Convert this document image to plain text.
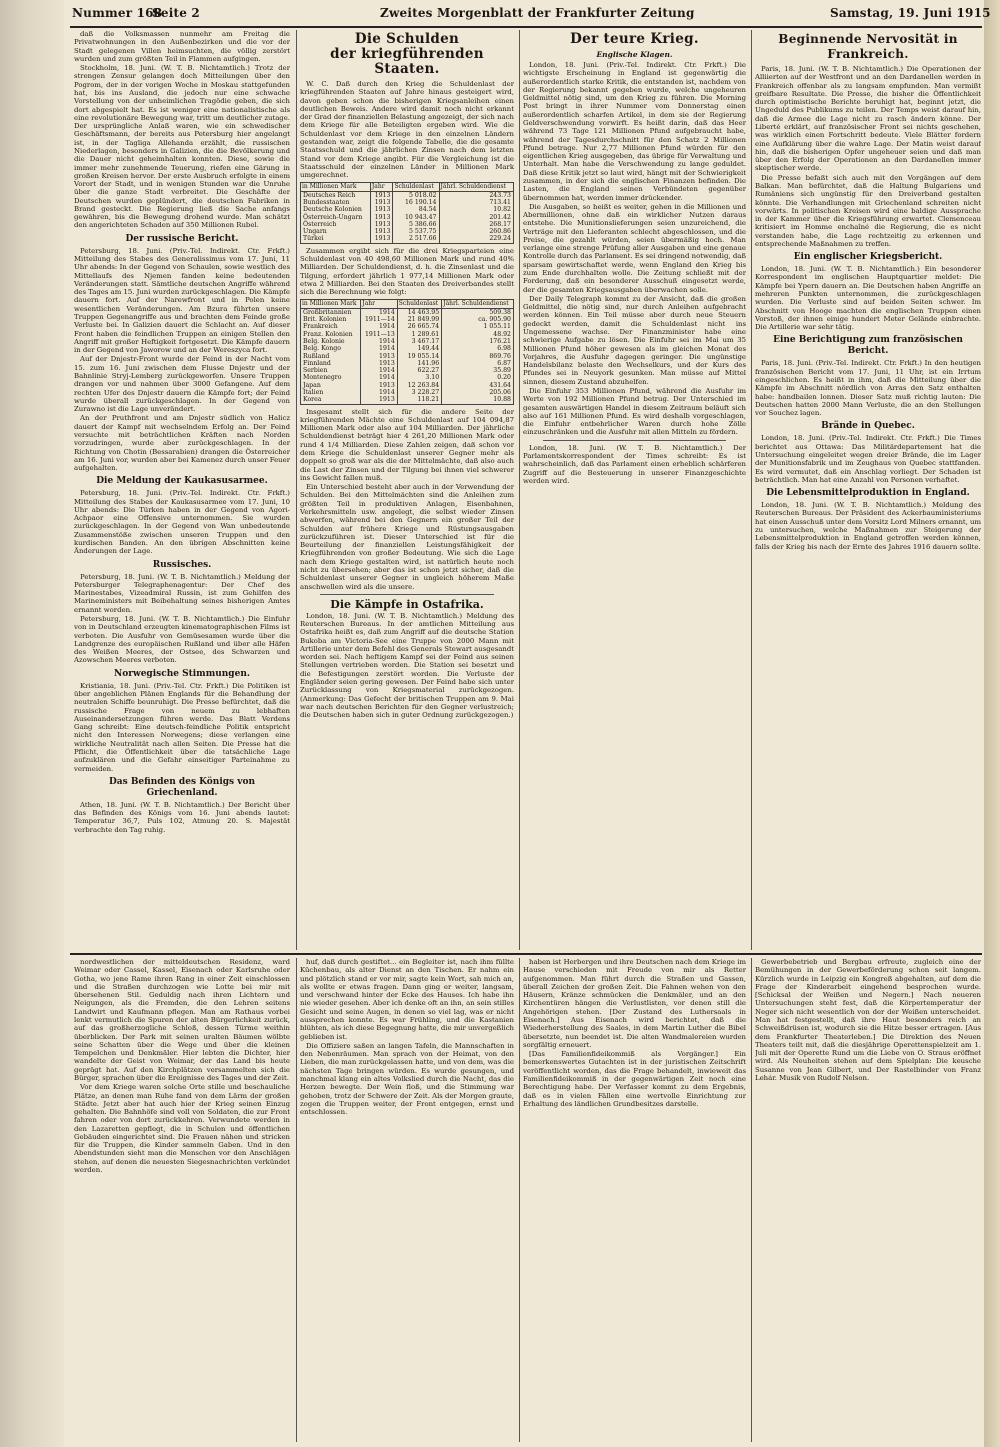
Nummer 168
Seite 2	Zweites Morgenblatt der Frankfurter Zeitung	Samstag, 19. Juni 1915

daß die Volksmassen nunmehr am Freitag die Privatwohnungen in den Außenbezirken und die vor der Stadt gelegenen Villen heimsuchten, die völlig zerstört wurden und zum größten Teil in Flammen aufgingen.

Stockholm, 18. Juni. (W. T. B. Nichtamtlich.) Trotz der strengen Zensur gelangen doch Mitteilungen über den Pogrom, der in der vorigen Woche in Moskau stattgefunden hat, bis ins Ausland, die jedoch nur eine schwache Vorstellung von der unheimlichen Tragödie geben, die sich dort abgespielt hat. Es ist weniger eine nationalistische als eine revolutionäre Bewegung war, tritt um deutlicher zutage. Der ursprüngliche Anlaß waren, wie ein schwedischer Geschäftsmann, der bereits aus Petersburg hier angelangt ist, in der Tagliga Allehanda erzählt, die russischen Niederlagen, besonders in Galizien, die die Bevölkerung und die Dauer nicht geheimhalten konnten. Diese, sowie die immer mehr zunehmende Teuerung, riefen eine Gärung in großen Kreisen hervor. Der erste Ausbruch erfolgte in einem Vorort der Stadt, und in wenigen Stunden war die Unruhe über die ganze Stadt verbreitet. Die Geschäfte der Deutschen wurden geplündert, die deutschen Fabriken in Brand gesteckt. Die Regierung ließ die Sache anfangs gewähren, bis die Bewegung drohend wurde. Man schätzt den angerichteten Schaden auf 350 Millionen Rubel.

Der russische Bericht.

Petersburg, 18. Juni. (Priv.-Tel. Indirekt. Ctr. Frkft.) Mitteilung des Stabes des Generalissimus vom 17. Juni, 11 Uhr abends: In der Gegend von Schaulen, sowie westlich des Mittellaufs des Njemen fanden keine bedeutenden Veränderungen statt. Sämtliche deutschen Angriffe während des Tages am 15. Juni wurden zurückgeschlagen. Die Kämpfe dauern fort. Auf der Narewfront und in Polen keine wesentlichen Veränderungen. Am Bzura führten unsere Truppen Gegenangriffe aus und brachten dem Feinde große Verluste bei. In Galizien dauert die Schlacht an. Auf dieser Front haben die feindlichen Truppen an einigen Stellen den Angriff mit großer Heftigkeit fortgesetzt. Die Kämpfe dauern in der Gegend von Jaworow und an der Wereszyca fort.

Auf der Dnjestr-Front wurde der Feind in der Nacht vom 15. zum 16. Juni zwischen dem Flusse Dnjestr und der Bahnlinie Stryj-Lemberg zurückgeworfen. Unsere Truppen drangen vor und nahmen über 3000 Gefangene. Auf dem rechten Ufer des Dnjestr dauern die Kämpfe fort; der Feind wurde überall zurückgeschlagen. In der Gegend von Zurawno ist die Lage unverändert.

An der Pruthfront und am Dnjestr südlich von Halicz dauert der Kampf mit wechselndem Erfolg an. Der Feind versuchte mit beträchtlichen Kräften nach Norden vorzudringen, wurde aber zurückgeschlagen. In der Richtung von Chotin (Bessarabien) drangen die Österreicher am 16. Juni vor, wurden aber bei Kamenez durch unser Feuer aufgehalten.

Die Meldung der Kaukasusarmee.

Petersburg, 18. Juni. (Priv.-Tel. Indirekt. Ctr. Frkft.) Mitteilung des Stabes der Kaukasusarmee vom 17. Juni, 10 Uhr abends: Die Türken haben in der Gegend von Agori-Achpaor eine Offensive unternommen. Sie wurden zurückgeschlagen. In der Gegend von Wan unbedeutende Zusammenstöße zwischen unseren Truppen und den kurdischen Banden. An den übrigen Abschnitten keine Änderungen der Lage.

Russisches.

Petersburg, 18. Juni. (W. T. B. Nichtamtlich.) Meldung der Petersburger Telegraphenagentur: Der Chef des Marinestabes, Vizeadmiral Russin, ist zum Gehilfen des Marineministers mit Beibehaltung seines bisherigen Amtes ernannt worden.

Petersburg, 18. Juni. (W. T. B. Nichtamtlich.) Die Einfuhr von in Deutschland erzeugten kinematographischen Films ist verboten. Die Ausfuhr von Gemüsesamen wurde über die Landgrenze des europäischen Rußland und über alle Häfen des Weißen Meeres, der Ostsee, des Schwarzen und Azowschen Meeres verboten.

Norwegische Stimmungen.

Kristiania, 18. Juni. (Priv.-Tel. Ctr. Frkft.) Die Politiken ist über angeblichen Plänen Englands für die Behandlung der neutralen Schiffe beunruhigt. Die Presse befürchtet, daß die russische Frage von neuem zu lebhaften Auseinandersetzungen führen werde. Das Blatt Verdens Gang schreibt: Eine deutsch-feindliche Politik entspricht nicht den Interessen Norwegens; diese verlangen eine wirkliche Neutralität nach allen Seiten. Die Presse hat die Pflicht, die Öffentlichkeit über die tatsächliche Lage aufzuklären und die Gefahr einseitiger Parteinahme zu vermeiden.

Das Befinden des Königs von Griechenland.

Athen, 18. Juni. (W. T. B. Nichtamtlich.) Der Bericht über das Befinden des Königs vom 16. Juni abends lautet: Temperatur 36,7, Puls 102, Atmung 20. S. Majestät verbrachte den Tag ruhig.

Die Schulden
der kriegführenden Staaten.

W. C. Daß durch den Krieg die Schuldenlast der kriegführenden Staaten auf Jahre hinaus gesteigert wird, davon geben schon die bisherigen Kriegsanleihen einen deutlichen Beweis. Andere wird damit noch nicht erkannt der Grad der finanziellen Belastung angezeigt, der sich nach dem Kriege für alle Beteiligten ergeben wird. Wie die Schuldenlast vor dem Kriege in den einzelnen Ländern gestanden war, zeigt die folgende Tabelle, die die gesamte Staatsschuld und die jährlichen Zinsen nach dem letzten Stand vor dem Kriege angibt. Für die Vergleichung ist die Staatsschuld der einzelnen Länder in Millionen Mark umgerechnet.

in Millionen Mark	Jahr	Schuldenlast	Jährl. Schuldendienst
Deutsches Reich	1913	5 018.02	243.73
Bundesstaaten	1913	16 190.14	713.41
Deutsche Kolonien	1913	84.54	10.82
Österreich-Ungarn	1913	10 943.47	201.42
Österreich	1913	5 386.66	268.17
Ungarn	1913	5 537.75	260.86
Türkei	1913	2 517.66	229.24

Zusammen ergibt sich für die drei Kriegsparteien eine Schuldenlast von 40 498,60 Millionen Mark und rund 40% Milliarden. Der Schuldendienst, d. h. die Zinsenlast und die Tilgung, erfordert jährlich 1 977,14 Millionen Mark oder etwa 2 Milliarden. Bei den Staaten des Dreiverbandes stellt sich die Berechnung wie folgt:

in Millionen Mark	Jahr	Schuldenlast	Jährl. Schuldendienst
Großbritannien	1914	14 463.95	509.38
Brit. Kolonien	1911—14	21 849.99	ca. 905.90
Frankreich	1914	26 665.74	1 055.11
Franz. Kolonien	1911—13	1 289.61	48.92
Belg. Kolonie	1914	3 467.17	176.21
Belg. Kongo	1914	149.44	6.98
Rußland	1913	19 055.14	869.76
Finnland	1913	141.96	6.87
Serbien	1914	622.27	35.89
Montenegro	1914	3.10	0.20
Japan	1913	12 263.84	431.64
Italien	1914	3 228.27	205.06
Korea	1913	118.21	10.88

Insgesamt stellt sich für die andere Seite der kriegführenden Mächte eine Schuldenlast auf 104 094,87 Millionen Mark oder also auf 104 Milliarden. Der jährliche Schuldendienst beträgt hier 4 261,20 Millionen Mark oder rund 4 1/4 Milliarden. Diese Zahlen zeigen, daß schon vor dem Kriege die Schuldenlast unserer Gegner mehr als doppelt so groß war als die der Mittelmächte, daß also auch die Last der Zinsen und der Tilgung bei ihnen viel schwerer ins Gewicht fallen muß.

Ein Unterschied besteht aber auch in der Verwendung der Schulden. Bei den Mittelmächten sind die Anleihen zum größten Teil in produktiven Anlagen, Eisenbahnen, Verkehrsmitteln usw. angelegt, die selbst wieder Zinsen abwerfen, während bei den Gegnern ein großer Teil der Schulden auf frühere Kriege und Rüstungsausgaben zurückzuführen ist. Dieser Unterschied ist für die Beurteilung der finanziellen Leistungsfähigkeit der Kriegführenden von großer Bedeutung. Wie sich die Lage nach dem Kriege gestalten wird, ist natürlich heute noch nicht zu übersehen; aber das ist schon jetzt sicher, daß die Schuldenlast unserer Gegner in ungleich höherem Maße anschwellen wird als die unsere.

Die Kämpfe in Ostafrika.

London, 18. Juni. (W. T. B. Nichtamtlich.) Meldung des Reuterschen Bureaus. In der amtlichen Mitteilung aus Ostafrika heißt es, daß zum Angriff auf die deutsche Station Bukoba am Victoria-See eine Truppe von 2000 Mann mit Artillerie unter dem Befehl des Generals Stewart ausgesandt worden sei. Nach heftigem Kampf sei der Feind aus seinen Stellungen vertrieben worden. Die Station sei besetzt und die Befestigungen zerstört worden. Die Verluste der Engländer seien gering gewesen. Der Feind habe sich unter Zurücklassung von Kriegsmaterial zurückgezogen. (Anmerkung: Das Gefecht der britischen Truppen am 9. Mai war nach deutschen Berichten für den Gegner verlustreich; die Deutschen haben sich in guter Ordnung zurückgezogen.)

Der teure Krieg.
Englische Klagen.

London, 18. Juni. (Priv.-Tel. Indirekt. Ctr. Frkft.) Die wichtigste Erscheinung in England ist gegenwärtig die außerordentlich starke Kritik, die entstanden ist, nachdem von der Regierung bekannt gegeben wurde, welche ungeheuren Geldmittel nötig sind, um den Krieg zu führen. Die Morning Post bringt in ihrer Nummer vom Donnerstag einen außerordentlich scharfen Artikel, in dem sie der Regierung Geldverschwendung vorwirft. Es heißt darin, daß das Heer während 73 Tage 121 Millionen Pfund aufgebraucht habe, während der Tagesdurchschnitt für den Schatz 2 Millionen Pfund betrage. Nur 2,77 Millionen Pfund würden für den eigentlichen Krieg ausgegeben, das übrige für Verwaltung und Unterhalt. Man habe die Verschwendung zu lange geduldet. Daß diese Kritik jetzt so laut wird, hängt mit der Schwierigkeit zusammen, in der sich die englischen Finanzen befinden. Die Lasten, die England seinen Verbündeten gegenüber übernommen hat, werden immer drückender.

Die Ausgaben, so heißt es weiter, gehen in die Millionen und Abermillionen, ohne daß ein wirklicher Nutzen daraus entstehe. Die Munitionslieferungen seien unzureichend, die Verträge mit den Lieferanten schlecht abgeschlossen, und die Preise, die gezahlt würden, seien übermäßig hoch. Man verlange eine strenge Prüfung aller Ausgaben und eine genaue Kontrolle durch das Parlament. Es sei dringend notwendig, daß sparsam gewirtschaftet werde, wenn England den Krieg bis zum Ende durchhalten wolle. Die Zeitung schließt mit der Forderung, daß ein besonderer Ausschuß eingesetzt werde, der die gesamten Kriegsausgaben überwachen solle.

Der Daily Telegraph kommt zu der Ansicht, daß die großen Geldmittel, die nötig sind, nur durch Anleihen aufgebracht werden können. Ein Teil müsse aber durch neue Steuern gedeckt werden, damit die Schuldenlast nicht ins Ungemessene wachse. Der Finanzminister habe eine schwierige Aufgabe zu lösen. Die Einfuhr sei im Mai um 35 Millionen Pfund höher gewesen als im gleichen Monat des Vorjahres, die Ausfuhr dagegen geringer. Die ungünstige Handelsbilanz belaste den Wechselkurs, und der Kurs des Pfundes sei in Neuyork gesunken. Man müsse auf Mittel sinnen, diesem Zustand abzuhelfen.

Die Einfuhr 353 Millionen Pfund, während die Ausfuhr im Werte von 192 Millionen Pfund betrug. Der Unterschied im gesamten auswärtigen Handel in diesem Zeitraum beläuft sich also auf 161 Millionen Pfund. Es wird deshalb vorgeschlagen, die Einfuhr entbehrlicher Waren durch hohe Zölle einzuschränken und die Ausfuhr mit allen Mitteln zu fördern.

London, 18. Juni. (W. T. B. Nichtamtlich.) Der Parlamentskorrespondent der Times schreibt: Es ist wahrscheinlich, daß das Parlament einen erheblich schärferen Zugriff auf die Besteuerung in unserer Finanzgeschichte werden wird.

Beginnende Nervosität in Frankreich.

Paris, 18. Juni. (W. T. B. Nichtamtlich.) Die Operationen der Alliierten auf der Westfront und an den Dardanellen werden in Frankreich offenbar als zu langsam empfunden. Man vermißt greifbare Resultate. Die Presse, die bisher die Öffentlichkeit durch optimistische Berichte beruhigt hat, beginnt jetzt, die Ungeduld des Publikums zu teilen. Der Temps weist darauf hin, daß die Armee die Lage nicht zu rasch ändern könne. Der Liberté erklärt, auf französischer Front sei nichts geschehen, was wirklich einen Fortschritt bedeute. Viele Blätter fordern eine Aufklärung über die wahre Lage. Der Matin weist darauf hin, daß die bisherigen Opfer ungeheuer seien und daß man über den Erfolg der Operationen an den Dardanellen immer skeptischer werde.

Die Presse befaßt sich auch mit den Vorgängen auf dem Balkan. Man befürchtet, daß die Haltung Bulgariens und Rumäniens sich ungünstig für den Dreiverband gestalten könnte. Die Verhandlungen mit Griechenland schreiten nicht vorwärts. In politischen Kreisen wird eine baldige Aussprache in der Kammer über die Kriegsführung erwartet. Clemenceau kritisiert im Homme enchaîné die Regierung, die es nicht verstanden habe, die Lage rechtzeitig zu erkennen und entsprechende Maßnahmen zu treffen.

Ein englischer Kriegsbericht.

London, 18. Juni. (W. T. B. Nichtamtlich.) Ein besonderer Korrespondent im englischen Hauptquartier meldet: Die Kämpfe bei Ypern dauern an. Die Deutschen haben Angriffe an mehreren Punkten unternommen, die zurückgeschlagen wurden. Die Verluste sind auf beiden Seiten schwer. Im Abschnitt von Hooge machten die englischen Truppen einen Vorstoß, der ihnen einige hundert Meter Gelände einbrachte. Die Artillerie war sehr tätig.

Eine Berichtigung zum französischen Bericht.

Paris, 18. Juni. (Priv.-Tel. Indirekt. Ctr. Frkft.) In den heutigen französischen Bericht vom 17. Juni, 11 Uhr, ist ein Irrtum eingeschlichen. Es heißt in ihm, daß die Mitteilung über die Kämpfe im Abschnitt nördlich von Arras den Satz enthalten habe: handbailen lonnen. Dieser Satz muß richtig lauten: Die Deutschen hatten 2000 Mann Verluste, die an den Stellungen vor Souchez lagen.

Brände in Quebec.

London, 18. Juni. (Priv.-Tel. Indirekt. Ctr. Frkft.) Die Times berichtet aus Ottawa: Das Militärdepartement hat die Untersuchung eingeleitet wegen dreier Brände, die im Lager der Munitionsfabrik und im Zeughaus von Quebec stattfanden. Es wird vermutet, daß ein Anschlag vorliegt. Der Schaden ist beträchtlich. Man hat eine Anzahl von Personen verhaftet.

Die Lebensmittelproduktion in England.

London, 18. Juni. (W. T. B. Nichtamtlich.) Meldung des Reuterschen Bureaus. Der Präsident des Ackerbauministeriums hat einen Ausschuß unter dem Vorsitz Lord Milners ernannt, um zu untersuchen, welche Maßnahmen zur Steigerung der Lebensmittelproduktion in England getroffen werden können, falls der Krieg bis nach der Ernte des Jahres 1916 dauern sollte.

nordwestlichen der mitteldeutschen Residenz, ward Weimar oder Cassel, Kassel, Eisenach oder Karlsruhe oder Gotha, wo jene Rame ihren Rang in einer Zeit einschlossen und die Straßen durchzogen wie Lotte bei mir mit übersehenen Stil. Geduldig nach ihren Lichtern und Neigungen, als die Fremden, die den Lehren seitens Landwirt und Kaufmann pflegen. Man am Rathaus vorbei lenkt vermutlich die Spuren der alten Bürgerlichkeit zurück, auf das großherzogliche Schloß, dessen Türme weithin überblicken. Der Park mit seinen uralten Bäumen wölbte seine Schatten über die Wege und über die kleinen Tempelchen und Denkmäler. Hier lebten die Dichter, hier wandelte der Geist von Weimar, der das Land bis heute geprägt hat. Auf den Kirchplätzen versammelten sich die Bürger, sprachen über die Ereignisse des Tages und der Zeit.

Vor dem Kriege waren solche Orte stille und beschauliche Plätze, an denen man Ruhe fand von dem Lärm der großen Städte. Jetzt aber hat auch hier der Krieg seinen Einzug gehalten. Die Bahnhöfe sind voll von Soldaten, die zur Front fahren oder von dort zurückkehren. Verwundete werden in den Lazaretten gepflegt, die in Schulen und öffentlichen Gebäuden eingerichtet sind. Die Frauen nähen und stricken für die Truppen, die Kinder sammeln Gaben. Und in den Abendstunden sieht man die Menschen vor den Anschlägen stehen, auf denen die neuesten Siegesnachrichten verkündet werden.

huf, daß durch gestiftet... ein Begleiter ist, nach ihm füllte Küchenbau, als alter Dienst an den Tischen. Er nahm ein und plötzlich stand er vor mir, sagte kein Wort, sah mich an, als wollte er etwas fragen. Dann ging er weiter, langsam, und verschwand hinter der Ecke des Hauses. Ich habe ihn nie wieder gesehen. Aber ich denke oft an ihn, an sein stilles Gesicht und seine Augen, in denen so viel lag, was er nicht aussprechen konnte. Es war Frühling, und die Kastanien blühten, als ich diese Begegnung hatte, die mir unvergeßlich geblieben ist.

Die Offiziere saßen an langen Tafeln, die Mannschaften in den Nebenräumen. Man sprach von der Heimat, von den Lieben, die man zurückgelassen hatte, und von dem, was die nächsten Tage bringen würden. Es wurde gesungen, und manchmal klang ein altes Volkslied durch die Nacht, das die Herzen bewegte. Der Wein floß, und die Stimmung war gehoben, trotz der Schwere der Zeit. Als der Morgen graute, zogen die Truppen weiter, der Front entgegen, ernst und entschlossen.

haben ist Herbergen und ihre Deutschen nach dem Kriege im Hause verschieden mit Freude von mir als Retter aufgenommen. Man führt durch die Straßen und Gassen, überall Zeichen der großen Zeit. Die Fahnen wehen von den Häusern, Kränze schmücken die Denkmäler, und an den Kirchentüren hängen die Verlustlisten, vor denen still die Angehörigen stehen. [Der Zustand des Luthersaals in Eisenach.] Aus Eisenach wird berichtet, daß die Wiederherstellung des Saales, in dem Martin Luther die Bibel übersetzte, nun beendet ist. Die alten Wandmalereien wurden sorgfältig erneuert.

[Das Familienfideikommiß als Vorgänger.] Ein bemerkenswertes Gutachten ist in der juristischen Zeitschrift veröffentlicht worden, das die Frage behandelt, inwieweit das Familienfideikommiß in der gegenwärtigen Zeit noch eine Berechtigung habe. Der Verfasser kommt zu dem Ergebnis, daß es in vielen Fällen eine wertvolle Einrichtung zur Erhaltung des ländlichen Grundbesitzes darstelle.

Gewerbebetrieb und Bergbau erfreute, zugleich eine der Bemühungen in der Gewerbeförderung schon seit langem. Kürzlich wurde in Leipzig ein Kongreß abgehalten, auf dem die Frage der Kinderarbeit eingehend besprochen wurde. [Schicksal der Weißen und Negern.] Nach neueren Untersuchungen steht fest, daß die Körpertemperatur der Neger sich nicht wesentlich von der der Weißen unterscheidet. Man hat festgestellt, daß ihre Haut besonders reich an Schweißdrüsen ist, wodurch sie die Hitze besser ertragen. [Aus dem Frankfurter Theaterleben.] Die Direktion des Neuen Theaters teilt mit, daß die diesjährige Operettenspielzeit am 1. Juli mit der Operette Rund um die Liebe von O. Straus eröffnet wird. Als Neuheiten stehen auf dem Spielplan: Die keusche Susanne von Jean Gilbert, und Der Rastelbinder von Franz Lehár. Musik von Rudolf Nelson.
